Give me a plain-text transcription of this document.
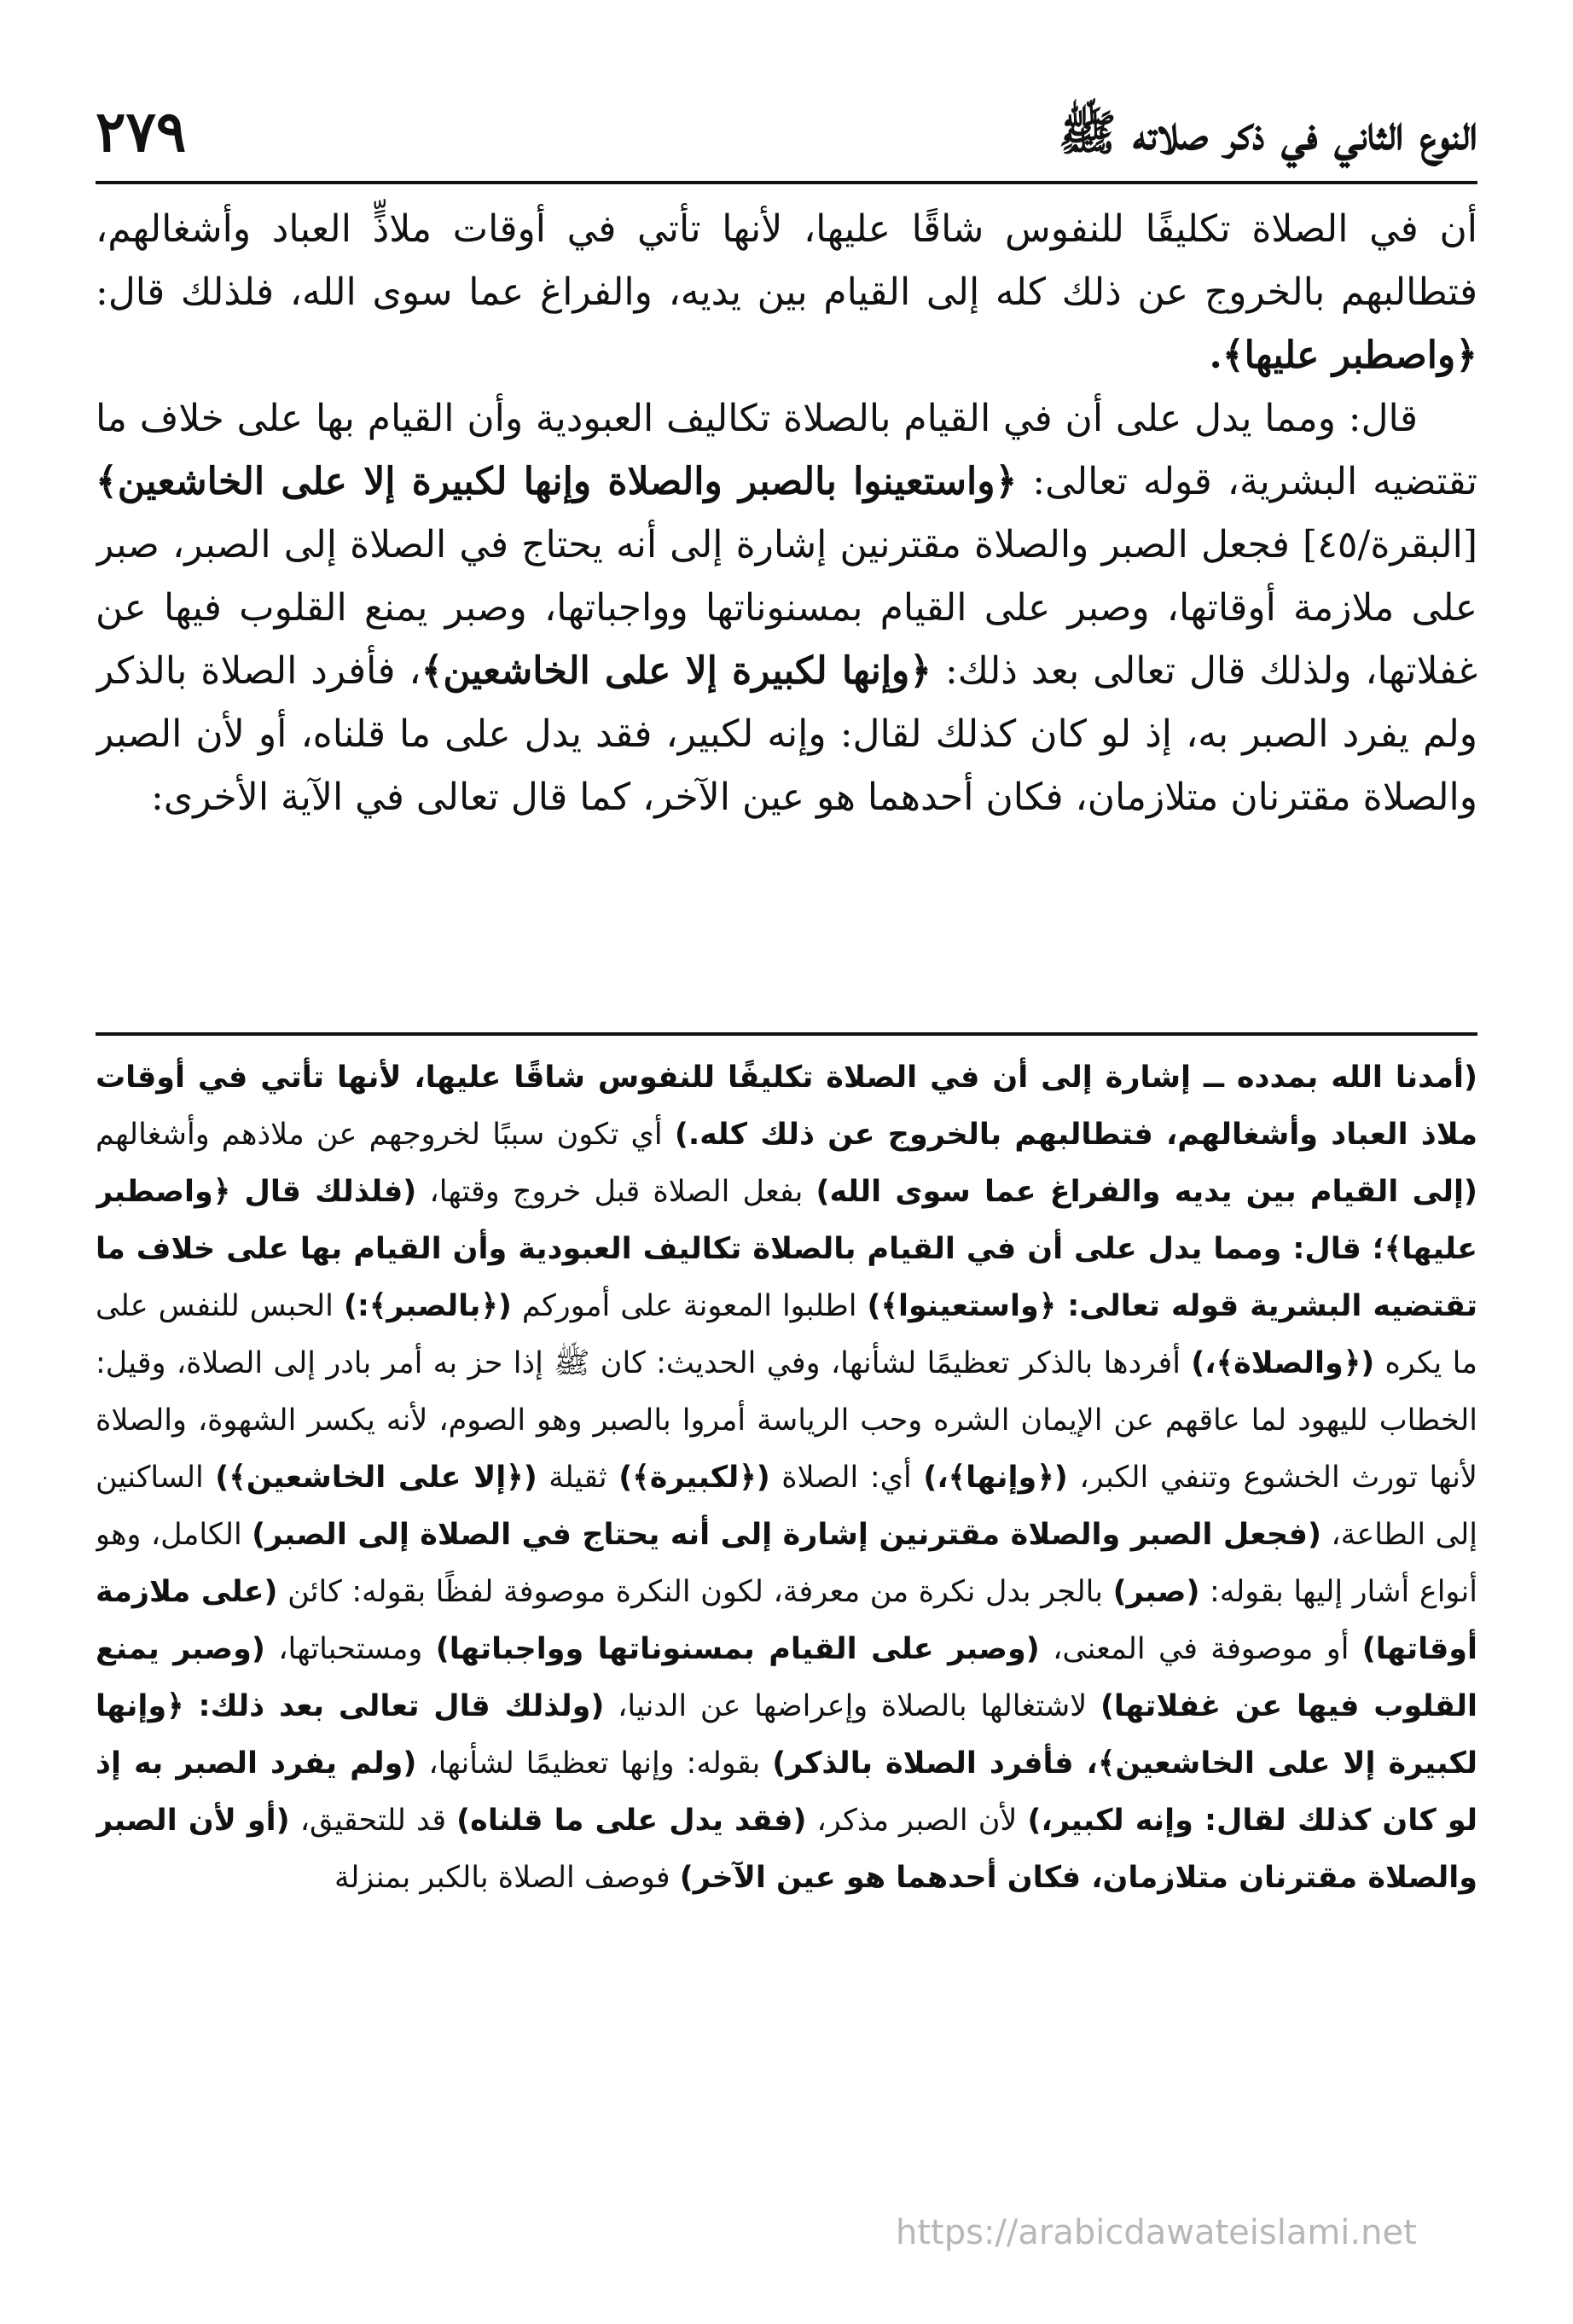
النوع الثاني في ذكر صلاته ﷺ
٢٧٩

أن في الصلاة تكليفًا للنفوس شاقًا عليها، لأنها تأتي في أوقات ملاذٍّ العباد وأشغالهم، فتطالبهم بالخروج عن ذلك كله إلى القيام بين يديه، والفراغ عما سوى الله، فلذلك قال: ﴿واصطبر عليها﴾.

قال: ومما يدل على أن في القيام بالصلاة تكاليف العبودية وأن القيام بها على خلاف ما تقتضيه البشرية، قوله تعالى: ﴿واستعينوا بالصبر والصلاة وإنها لكبيرة إلا على الخاشعين﴾ [البقرة/٤٥] فجعل الصبر والصلاة مقترنين إشارة إلى أنه يحتاج في الصلاة إلى الصبر، صبر على ملازمة أوقاتها، وصبر على القيام بمسنوناتها وواجباتها، وصبر يمنع القلوب فيها عن غفلاتها، ولذلك قال تعالى بعد ذلك: ﴿وإنها لكبيرة إلا على الخاشعين﴾، فأفرد الصلاة بالذكر ولم يفرد الصبر به، إذ لو كان كذلك لقال: وإنه لكبير، فقد يدل على ما قلناه، أو لأن الصبر والصلاة مقترنان متلازمان، فكان أحدهما هو عين الآخر، كما قال تعالى في الآية الأخرى:

(أمدنا الله بمدده ــ إشارة إلى أن في الصلاة تكليفًا للنفوس شاقًا عليها، لأنها تأتي في أوقات ملاذ العباد وأشغالهم، فتطالبهم بالخروج عن ذلك كله.) أي تكون سببًا لخروجهم عن ملاذهم وأشغالهم (إلى القيام بين يديه والفراغ عما سوى الله) بفعل الصلاة قبل خروج وقتها، (فلذلك قال ﴿واصطبر عليها﴾؛ قال: ومما يدل على أن في القيام بالصلاة تكاليف العبودية وأن القيام بها على خلاف ما تقتضيه البشرية قوله تعالى: ﴿واستعينوا﴾) اطلبوا المعونة على أموركم (﴿بالصبر﴾:) الحبس للنفس على ما يكره (﴿والصلاة﴾،) أفردها بالذكر تعظيمًا لشأنها، وفي الحديث: كان ﷺ إذا حز به أمر بادر إلى الصلاة، وقيل: الخطاب لليهود لما عاقهم عن الإيمان الشره وحب الرياسة أمروا بالصبر وهو الصوم، لأنه يكسر الشهوة، والصلاة لأنها تورث الخشوع وتنفي الكبر، (﴿وإنها﴾،) أي: الصلاة (﴿لكبيرة﴾) ثقيلة (﴿إلا على الخاشعين﴾) الساكنين إلى الطاعة، (فجعل الصبر والصلاة مقترنين إشارة إلى أنه يحتاج في الصلاة إلى الصبر) الكامل، وهو أنواع أشار إليها بقوله: (صبر) بالجر بدل نكرة من معرفة، لكون النكرة موصوفة لفظًا بقوله: كائن (على ملازمة أوقاتها) أو موصوفة في المعنى، (وصبر على القيام بمسنوناتها وواجباتها) ومستحباتها، (وصبر يمنع القلوب فيها عن غفلاتها) لاشتغالها بالصلاة وإعراضها عن الدنيا، (ولذلك قال تعالى بعد ذلك: ﴿وإنها لكبيرة إلا على الخاشعين﴾، فأفرد الصلاة بالذكر) بقوله: وإنها تعظيمًا لشأنها، (ولم يفرد الصبر به إذ لو كان كذلك لقال: وإنه لكبير،) لأن الصبر مذكر، (فقد يدل على ما قلناه) قد للتحقيق، (أو لأن الصبر والصلاة مقترنان متلازمان، فكان أحدهما هو عين الآخر) فوصف الصلاة بالكبر بمنزلة

https://arabicdawateislami.net
